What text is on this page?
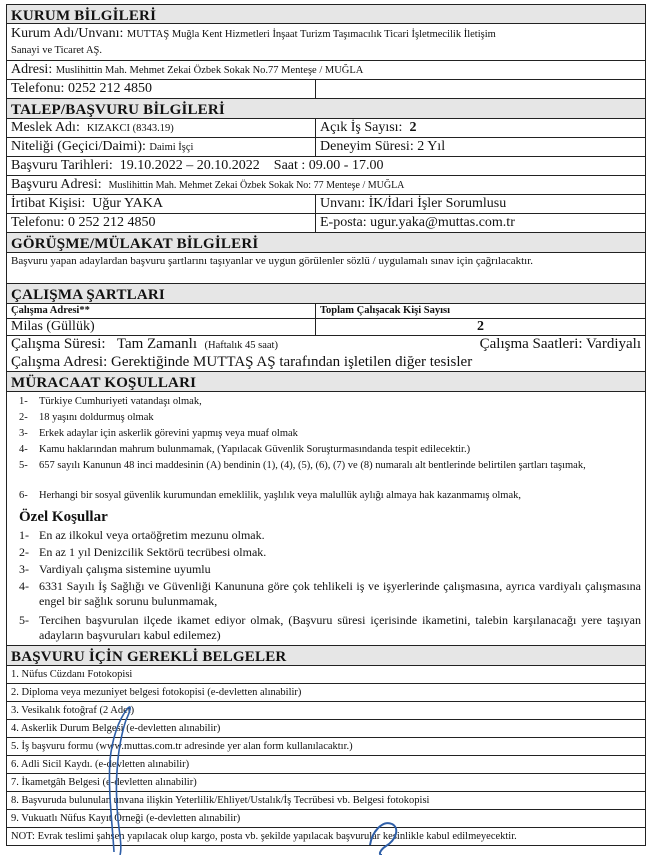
KURUM BİLGİLERİ
Kurum Adı/Unvanı: MUTTAŞ Muğla Kent Hizmetleri İnşaat Turizm Taşımacılık Ticari İşletmecilik İletişim
Sanayi ve Ticaret AŞ.
Adresi: Muslihittin Mah. Mehmet Zekai Özbek Sokak No.77 Menteşe / MUĞLA
Telefonu: 0252 212 4850
TALEP/BAŞVURU BİLGİLERİ
Meslek Adı: KIZAKCI (8343.19)	Açık İş Sayısı: 2
Niteliği (Geçici/Daimi): Daimi İşçi	Deneyim Süresi: 2 Yıl
Başvuru Tarihleri: 19.10.2022 – 20.10.2022 Saat : 09.00 - 17.00
Başvuru Adresi: Muslihittin Mah. Mehmet Zekai Özbek Sokak No: 77 Menteşe / MUĞLA
İrtibat Kişisi: Uğur YAKA	Unvanı: İK/İdari İşler Sorumlusu
Telefonu: 0 252 212 4850	E-posta: ugur.yaka@muttas.com.tr
GÖRÜŞME/MÜLAKAT BİLGİLERİ
Başvuru yapan adaylardan başvuru şartlarını taşıyanlar ve uygun görülenler sözlü / uygulamalı sınav için çağrılacaktır.
ÇALIŞMA ŞARTLARI
Çalışma Adresi**	Toplam Çalışacak Kişi Sayısı
Milas (Güllük)	2
Çalışma Süresi: Tam Zamanlı (Haftalık 45 saat)	Çalışma Saatleri: Vardiyalı

Çalışma Adresi: Gerektiğinde MUTTAŞ AŞ tarafından işletilen diğer tesisler
MÜRACAAT KOŞULLARI
1-	Türkiye Cumhuriyeti vatandaşı olmak,
2-	18 yaşını doldurmuş olmak
3-	Erkek adaylar için askerlik görevini yapmış veya muaf olmak
4-	Kamu haklarından mahrum bulunmamak, (Yapılacak Güvenlik Soruşturmasındanda tespit edilecektir.)
5-	657 sayılı Kanunun 48 inci maddesinin (A) bendinin (1), (4), (5), (6), (7) ve (8) numaralı alt bentlerinde belirtilen şartları taşımak,
6-	Herhangi bir sosyal güvenlik kurumundan emeklilik, yaşlılık veya malullük aylığı almaya hak kazanmamış olmak,
Özel Koşullar
1- En az ilkokul veya ortaöğretim mezunu olmak.
2- En az 1 yıl Denizcilik Sektörü tecrübesi olmak.
3- Vardiyalı çalışma sistemine uyumlu
4- 6331 Sayılı İş Sağlığı ve Güvenliği Kanununa göre çok tehlikeli iş ve işyerlerinde çalışmasına, ayrıca vardiyalı çalışmasına engel bir sağlık sorunu bulunmamak,
5- Tercihen başvurulan ilçede ikamet ediyor olmak, (Başvuru süresi içerisinde ikametini, talebin karşılanacağı yere taşıyan adayların başvuruları kabul edilemez)
BAŞVURU İÇİN GEREKLİ BELGELER
1. Nüfus Cüzdanı Fotokopisi
2. Diploma veya mezuniyet belgesi fotokopisi (e-devletten alınabilir)
3. Vesikalık fotoğraf (2 Adet)
4. Askerlik Durum Belgesi (e-devletten alınabilir)
5. İş başvuru formu (www.muttas.com.tr adresinde yer alan form kullanılacaktır.)
6. Adli Sicil Kaydı. (e-devletten alınabilir)
7. İkametgâh Belgesi (e-devletten alınabilir)
8. Başvuruda bulunulan unvana ilişkin Yeterlilik/Ehliyet/Ustalık/İş Tecrübesi vb. Belgesi fotokopisi
9. Vukuatlı Nüfus Kayıt Örneği (e-devletten alınabilir)
NOT: Evrak teslimi şahsen yapılacak olup kargo, posta vb. şekilde yapılacak başvurular kesinlikle kabul edilmeyecektir.
